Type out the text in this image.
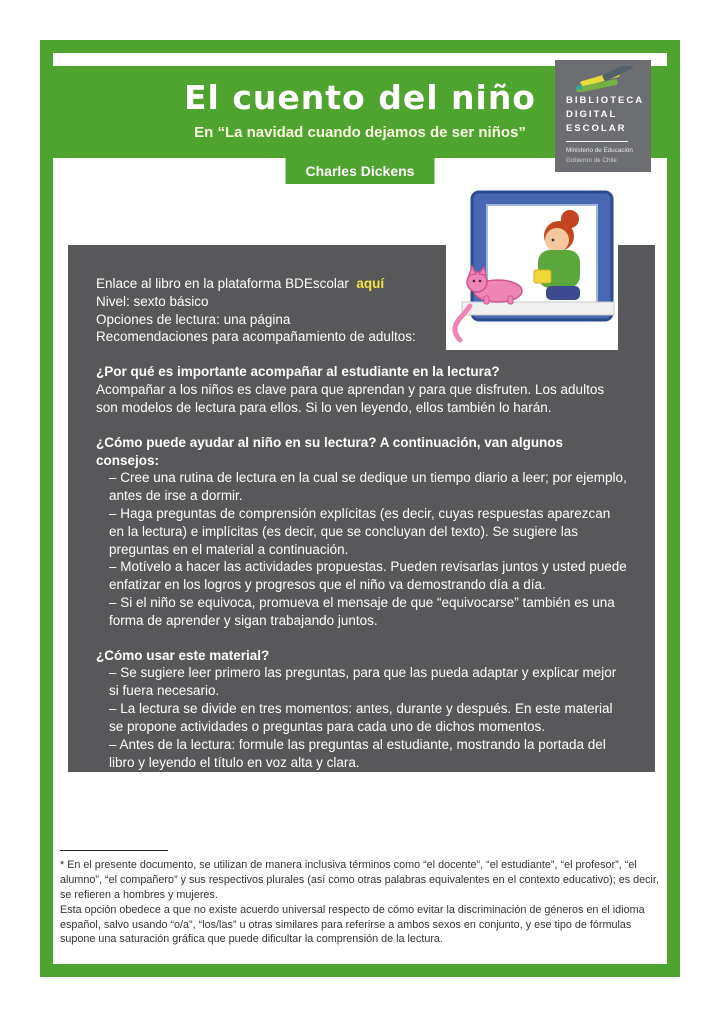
El cuento del niño
En “La navidad cuando dejamos de ser niños”
Charles Dickens
BIBLIOTECA
DIGITAL
ESCOLAR
Ministerio de Educación
Gobierno de Chile

Enlace al libro en la plataforma BDEscolar aquí

Nivel: sexto básico

Opciones de lectura: una página

Recomendaciones para acompañamiento de adultos:

¿Por qué es importante acompañar al estudiante en la lectura?

Acompañar a los niños es clave para que aprendan y para que disfruten. Los adultos son modelos de lectura para ellos. Si lo ven leyendo, ellos también lo harán.

¿Cómo puede ayudar al niño en su lectura? A continuación, van algunos consejos:

– Cree una rutina de lectura en la cual se dedique un tiempo diario a leer; por ejemplo, antes de irse a dormir.

– Haga preguntas de comprensión explícitas (es decir, cuyas respuestas aparezcan en la lectura) e implícitas (es decir, que se concluyan del texto). Se sugiere las preguntas en el material a continuación.

– Motívelo a hacer las actividades propuestas. Pueden revisarlas juntos y usted puede enfatizar en los logros y progresos que el niño va demostrando día a día.

– Si el niño se equivoca, promueva el mensaje de que “equivocarse” también es una forma de aprender y sigan trabajando juntos.

¿Cómo usar este material?

– Se sugiere leer primero las preguntas, para que las pueda adaptar y explicar mejor si fuera necesario.

– La lectura se divide en tres momentos: antes, durante y después. En este material se propone actividades o preguntas para cada uno de dichos momentos.

– Antes de la lectura: formule las preguntas al estudiante, mostrando la portada del libro y leyendo el título en voz alta y clara.

* En el presente documento, se utilizan de manera inclusiva términos como “el docente”, “el estudiante”, “el profesor”, “el alumno”, “el compañero” y sus respectivos plurales (así como otras palabras equivalentes en el contexto educativo); es decir, se refieren a hombres y mujeres.

Esta opción obedece a que no existe acuerdo universal respecto de cómo evitar la discriminación de géneros en el idioma español, salvo usando “o/a”, “los/las” u otras similares para referirse a ambos sexos en conjunto, y ese tipo de fórmulas supone una saturación gráfica que puede dificultar la comprensión de la lectura.
